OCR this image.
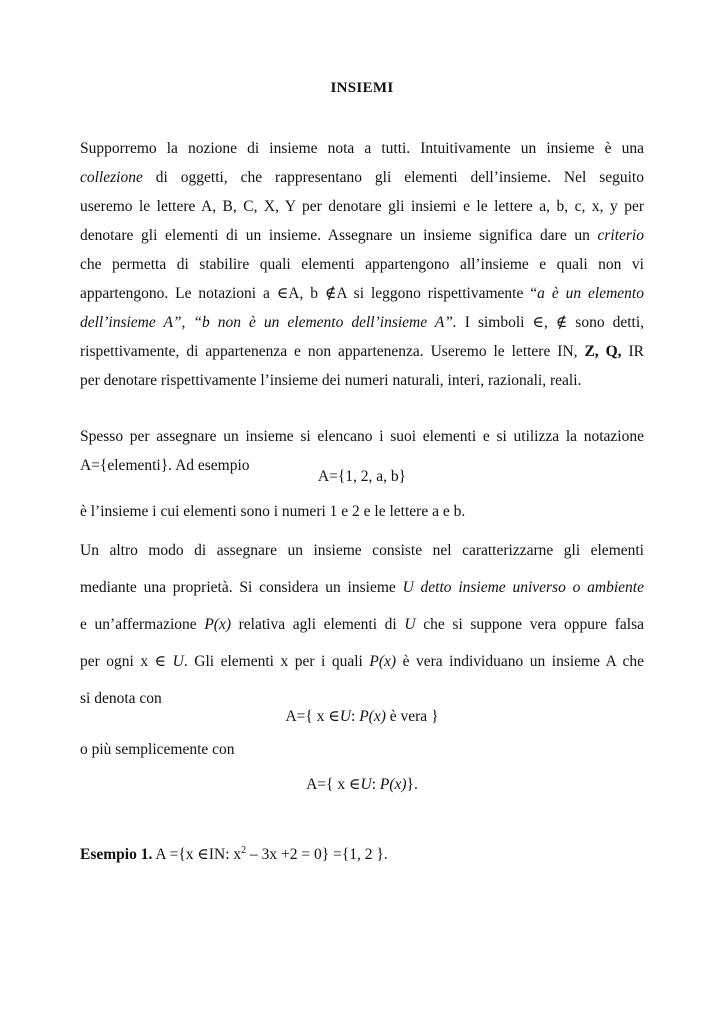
INSIEMI
Supporremo la nozione di insieme nota a tutti. Intuitivamente un insieme è una
collezione di oggetti, che rappresentano gli elementi dell’insieme. Nel seguito
useremo le lettere A, B, C, X, Y per denotare gli insiemi e le lettere a, b, c, x, y per
denotare gli elementi di un insieme. Assegnare un insieme significa dare un criterio
che permetta di stabilire quali elementi appartengono all’insieme e quali non vi
appartengono. Le notazioni a ∈A, b ∉A si leggono rispettivamente “a è un elemento
dell’insieme A”, “b non è un elemento dell’insieme A”. I simboli ∈, ∉ sono detti,
rispettivamente, di appartenenza e non appartenenza. Useremo le lettere IN, Z, Q, IR
per denotare rispettivamente l’insieme dei numeri naturali, interi, razionali, reali.
Spesso per assegnare un insieme si elencano i suoi elementi e si utilizza la notazione
A={elementi}. Ad esempio
A={1, 2, a, b}
è l’insieme i cui elementi sono i numeri 1 e 2 e le lettere a e b.
Un altro modo di assegnare un insieme consiste nel caratterizzarne gli elementi
mediante una proprietà. Si considera un insieme U detto insieme universo o ambiente
e un’affermazione P(x) relativa agli elementi di U che si suppone vera oppure falsa
per ogni x ∈ U. Gli elementi x per i quali P(x) è vera individuano un insieme A che
si denota con
A={ x ∈U: P(x) è vera }
o più semplicemente con
A={ x ∈U: P(x)}.
Esempio 1. A ={x ∈IN: $x^2 - 3x +2 = 0\} =\{1$, 2 }.
